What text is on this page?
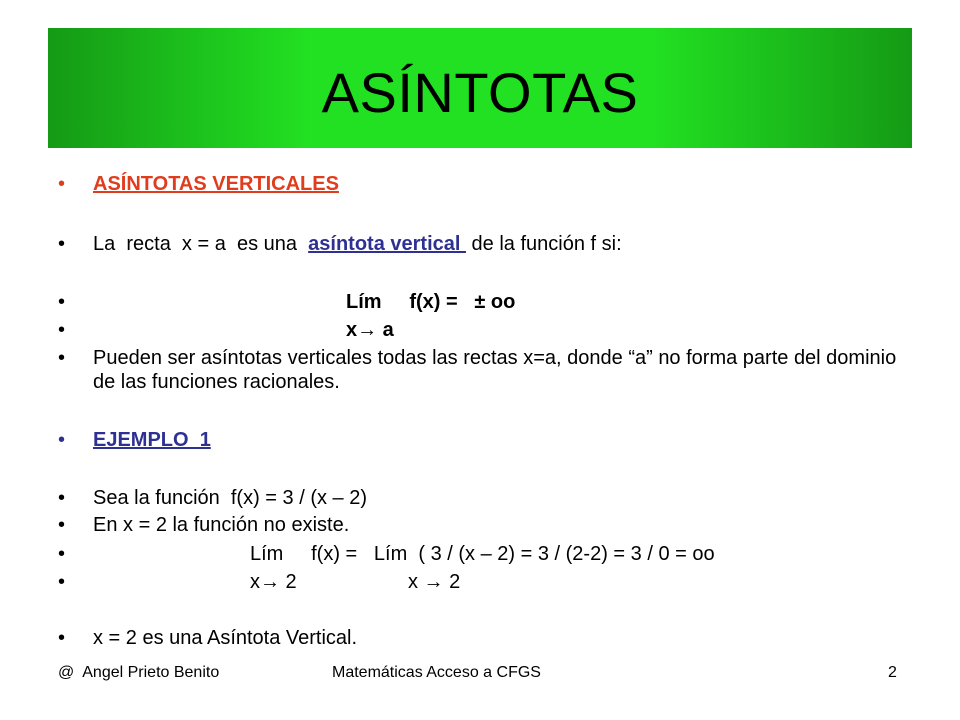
ASÍNTOTAS
• ASÍNTOTAS VERTICALES
• La  recta  x = a  es una  asíntota vertical  de la función f si:
•	Lím     f(x) =   ± oo
•	x→ a
• Pueden ser asíntotas verticales todas las rectas x=a, donde “a” no forma parte del dominio de las funciones racionales.
• EJEMPLO  1
• Sea la función  f(x) = 3 / (x – 2)
• En x = 2 la función no existe.
•	Lím     f(x) =   Lím  ( 3 / (x – 2) = 3 / (2-2) = 3 / 0 = oo
•	x→ 2	x → 2
• x = 2 es una Asíntota Vertical.
@  Angel Prieto Benito	Matemáticas Acceso a CFGS	2
